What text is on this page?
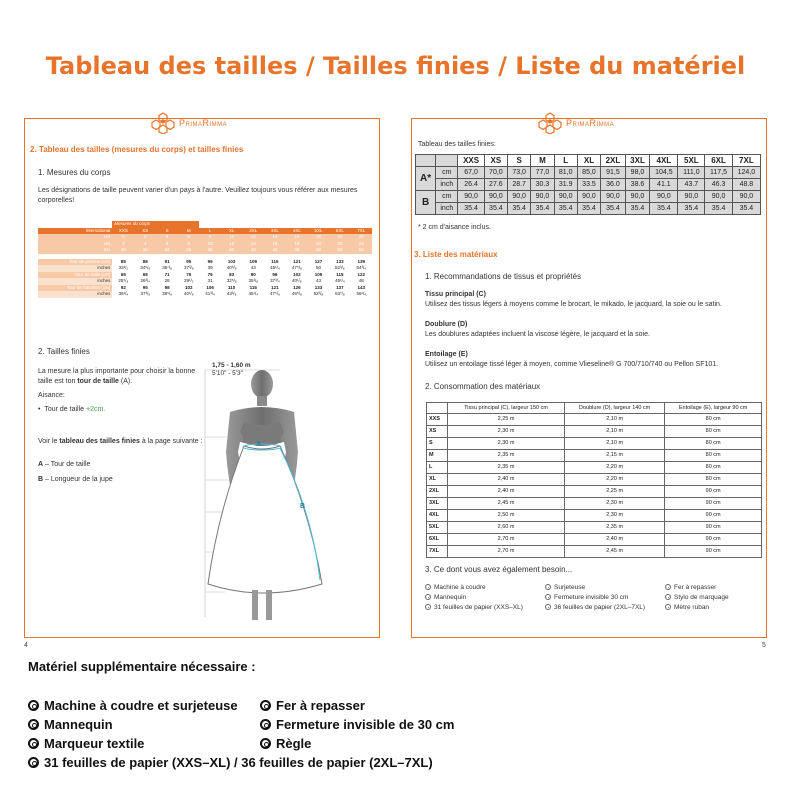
Tableau des tailles / Tailles finies / Liste du matériel
PrimaRimma
2. Tableau des tailles (mesures du corps) et tailles finies
1. Mesures du corps
Les désignations de taille peuvent varier d'un pays à l'autre. Veuillez toujours vous référer aux mesures corporelles!
	Mesures du corps											
International	XXS	XS	S	M	L	XL	2XL	3XL	4XL	5XL	6XL	7XL
US	0	2	4	6	8	10	12	14	16	18	20	22
UK	2	4	6	8	10	12	14	16	18	20	22	24
EU	30	32	34	36	38	40	42	44	46	48	50	52

Tour de poitrine (cm)	85	88	91	95	99	103	109	115	121	127	133	139
inches	33¹/₂	34⁵/₈	35⁷/₈	37³/₈	39	40⁵/₈	43	45¹/₄	47⁵/₈	50	52³/₈	54³/₄
Tour de taille (cm)	65	68	71	75	79	83	90	96	102	109	115	122
inches	25⁵/₈	26³/₄	28	29¹/₂	31	32⁵/₈	35³/₈	37³/₄	40¹/₈	43	45¹/₄	48
Tour de hanches (cm)	92	95	98	102	106	110	115	121	126	133	137	143
inches	36¹/₄	37³/₈	38⁵/₈	40¹/₈	41³/₄	43³/₈	45¹/₄	47⁵/₈	49⁵/₈	52³/₈	53⁷/₈	56¹/₄
2. Tailles finies
La mesure la plus importante pour choisir la bonne taille est ton tour de taille (A).
Aisance:
•  Tour de taille +2cm.
Voir le tableau des tailles finies à la page suivante :
A – Tour de taille
B – Longueur de la jupe
A
B
1,75 - 1,60 m
5'10" - 5'3"
4
PrimaRimma
Tableau des tailles finies:
		XXS	XS	S	M	L	XL	2XL	3XL	4XL	5XL	6XL	7XL
A*	cm	67,0	70,0	73,0	77,0	81,0	85,0	91,5	98,0	104,5	111,0	117,5	124,0
	inch	26.4	27.6	28.7	30.3	31.9	33.5	36.0	38.6	41.1	43.7	46.3	48.8
B	cm	90,0	90,0	90,0	90,0	90,0	90,0	90,0	90,0	90,0	90,0	90,0	90,0
	inch	35.4	35.4	35.4	35.4	35.4	35.4	35.4	35.4	35.4	35.4	35.4	35.4
* 2 cm d'aisance inclus.
3. Liste des matériaux
1. Recommandations de tissus et propriétés
Tissu principal (C)
Utilisez des tissus légers à moyens comme le brocart, le mikado, le jacquard, la soie ou le satin.
Doublure (D)
Les doublures adaptées incluent la viscose légère, le jacquard et la soie.
Entoilage (E)
Utilisez un entoilage tissé léger à moyen, comme Vlieseline® G 700/710/740 ou Pellon SF101.
2. Consommation des matériaux
	Tissu principal (C), largeur 150 cm	Doublure (D), largeur 140 cm	Entoilage (E), largeur 90 cm
XXS	2,25 m	2,10 m	80 cm
XS	2,30 m	2,10 m	80 cm
S	2,30 m	2,10 m	80 cm
M	2,35 m	2,15 m	80 cm
L	2,35 m	2,20 m	80 cm
XL	2,40 m	2,20 m	80 cm
2XL	2,40 m	2,25 m	90 cm
3XL	2,45 m	2,30 m	90 cm
4XL	2,50 m	2,30 m	90 cm
5XL	2,60 m	2,35 m	90 cm
6XL	2,70 m	2,40 m	90 cm
7XL	2,70 m	2,45 m	90 cm
3. Ce dont vous avez également besoin...
Machine à coudre	Surjeteuse	Fer à repasser
Mannequin	Fermeture invisible 30 cm	Stylo de marquage
31 feuilles de papier (XXS–XL)	36 feuilles de papier (2XL–7XL)	Mètre ruban
5
Matériel supplémentaire nécessaire :
Machine à coudre et surjeteuse	Fer à repasser
Mannequin	Fermeture invisible de 30 cm
Marqueur textile	Règle
31 feuilles de papier (XXS–XL) / 36 feuilles de papier (2XL–7XL)
